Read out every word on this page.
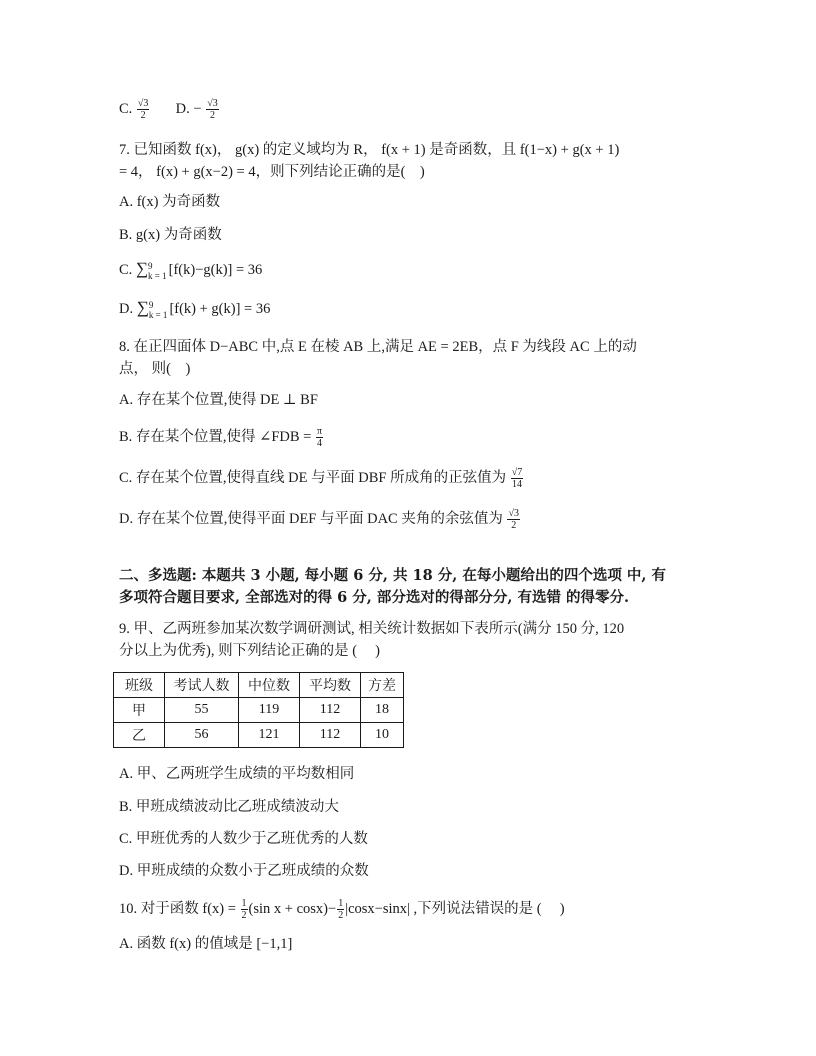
C. $\frac{√3}{2} D$. − $\frac{√3}{2}$
7. 已知函数 f(x)， g(x) 的定义域均为 R， f(x + 1) 是奇函数，且 f(1−x) + g(x + 1)
= 4， f(x) + g(x−2) = 4，则下列结论正确的是(　)
A. f(x) 为奇函数
B. g(x) 为奇函数
C. ∑ 9
k = 1 [f(k)−g(k)] = 36
D. ∑ 9
k = 1 [f(k) + g(k)] = 36
8. 在正四面体 D−ABC 中,点 E 在棱 AB 上,满足 AE = 2EB，点 F 为线段 AC 上的动
点， 则(　)
A. 存在某个位置,使得 DE ⊥ BF
B. 存在某个位置,使得 ∠FDB = $\frac{\pi}{4}$
C. 存在某个位置,使得直线 DE 与平面 DBF 所成角的正弦值为 $\frac{√7}{14}$
D. 存在某个位置,使得平面 DEF 与平面 DAC 夹角的余弦值为 $\frac{√3}{2}$
二、多选题: 本题共 3 小题, 每小题 6 分, 共 18 分, 在每小题给出的四个选项 中, 有
多项符合题目要求, 全部选对的得 6 分, 部分选对的得部分分, 有选错 的得零分.
9. 甲、乙两班参加某次数学调研测试, 相关统计数据如下表所示(满分 150 分, 120
分以上为优秀), 则下列结论正确的是 (　 )
班级	考试人数	中位数	平均数	方差
甲	55	119	112	18
乙	56	121	112	10
A. 甲、乙两班学生成绩的平均数相同
B. 甲班成绩波动比乙班成绩波动大
C. 甲班优秀的人数少于乙班优秀的人数
D. 甲班成绩的众数小于乙班成绩的众数
10. 对于函数 $f(x) = \frac{1}{2} (\sin$ $x + \cos x)- \frac{1}{2} |\cos x-\sin x|$ ,下列说法错误的是 (　 )
A. 函数 f(x) 的值域是 [−1,1]
